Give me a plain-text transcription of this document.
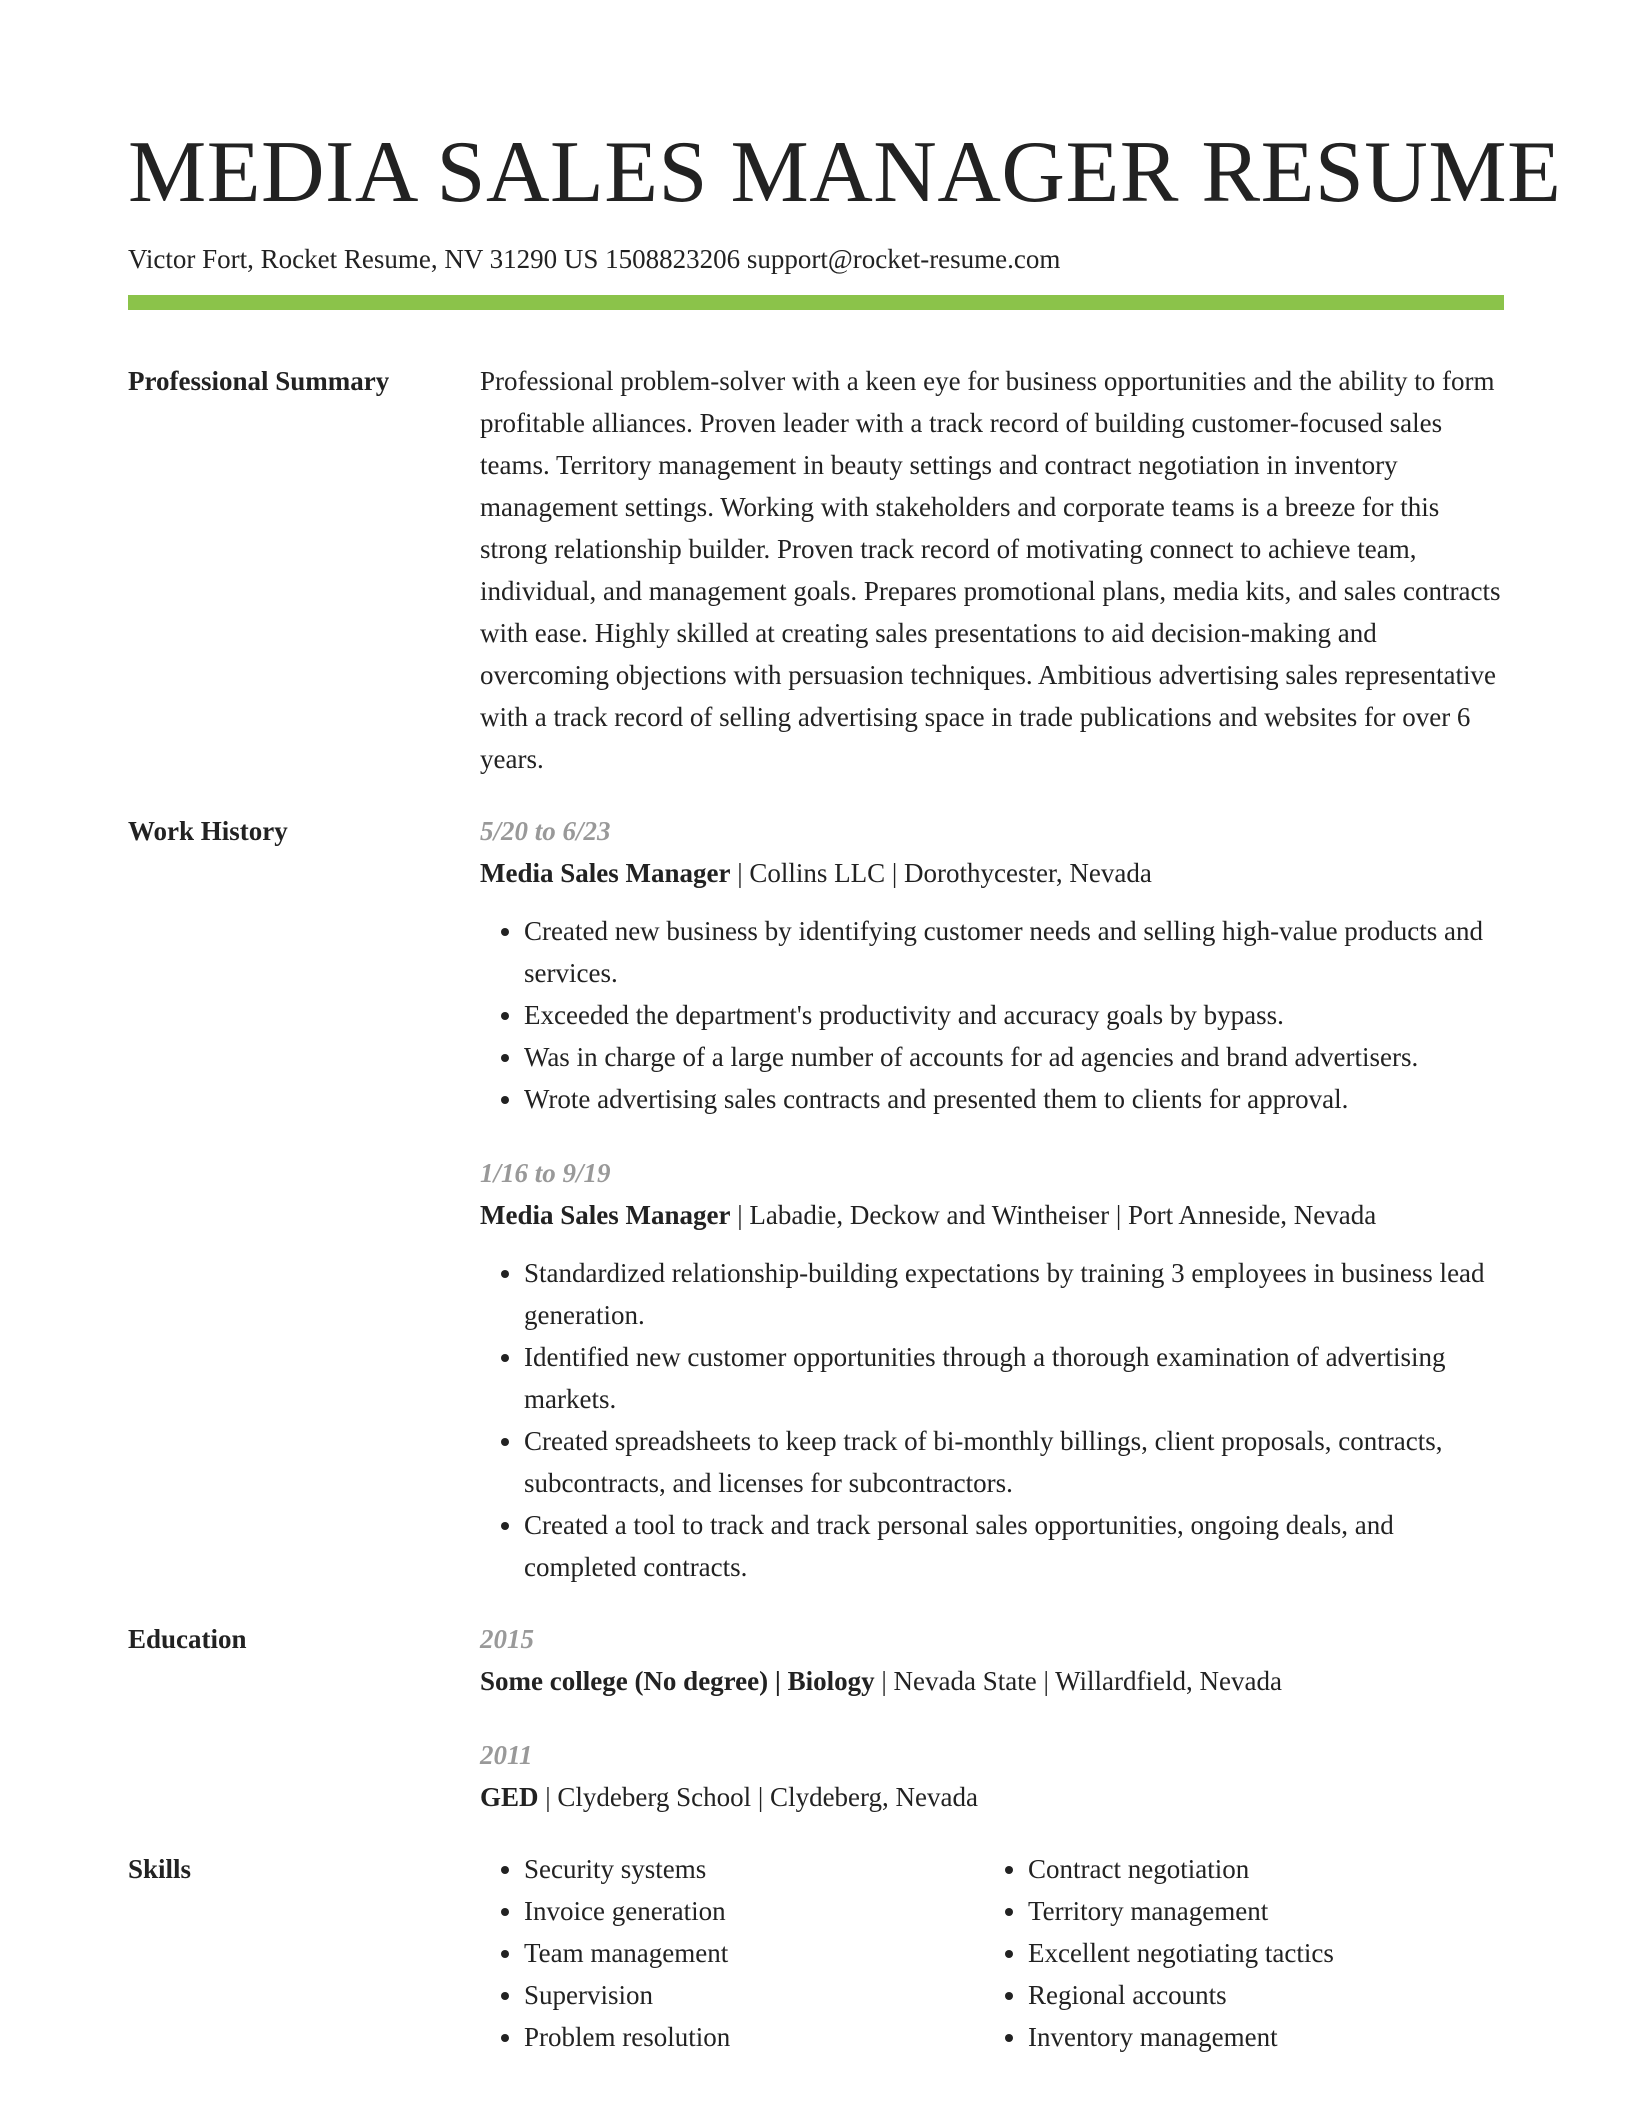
MEDIA SALES MANAGER RESUME
Victor Fort, Rocket Resume, NV 31290 US 1508823206 support@rocket-resume.com
Professional Summary	Professional problem-solver with a keen eye for business opportunities and the ability to form profitable alliances. Proven leader with a track record of building customer-focused sales teams. Territory management in beauty settings and contract negotiation in inventory management settings. Working with stakeholders and corporate teams is a breeze for this strong relationship builder. Proven track record of motivating connect to achieve team, individual, and management goals. Prepares promotional plans, media kits, and sales contracts with ease. Highly skilled at creating sales presentations to aid decision-making and overcoming objections with persuasion techniques. Ambitious advertising sales representative with a track record of selling advertising space in trade publications and websites for over 6 years.

Work History	5/20 to 6/23
Media Sales Manager | Collins LLC | Dorothycester, Nevada
• Created new business by identifying customer needs and selling high-value products and services.
• Exceeded the department's productivity and accuracy goals by bypass.
• Was in charge of a large number of accounts for ad agencies and brand advertisers.
• Wrote advertising sales contracts and presented them to clients for approval.
1/16 to 9/19
Media Sales Manager | Labadie, Deckow and Wintheiser | Port Anneside, Nevada
• Standardized relationship-building expectations by training 3 employees in business lead generation.
• Identified new customer opportunities through a thorough examination of advertising markets.
• Created spreadsheets to keep track of bi-monthly billings, client proposals, contracts, subcontracts, and licenses for subcontractors.
• Created a tool to track and track personal sales opportunities, ongoing deals, and completed contracts.
Education	2015
Some college (No degree) | Biology | Nevada State | Willardfield, Nevada
2011
GED | Clydeberg School | Clydeberg, Nevada
Skills
•	Security systems
• Invoice generation
• Team management
• Supervision
• Problem resolution
• Contract negotiation
• Territory management
• Excellent negotiating tactics
• Regional accounts
• Inventory management
